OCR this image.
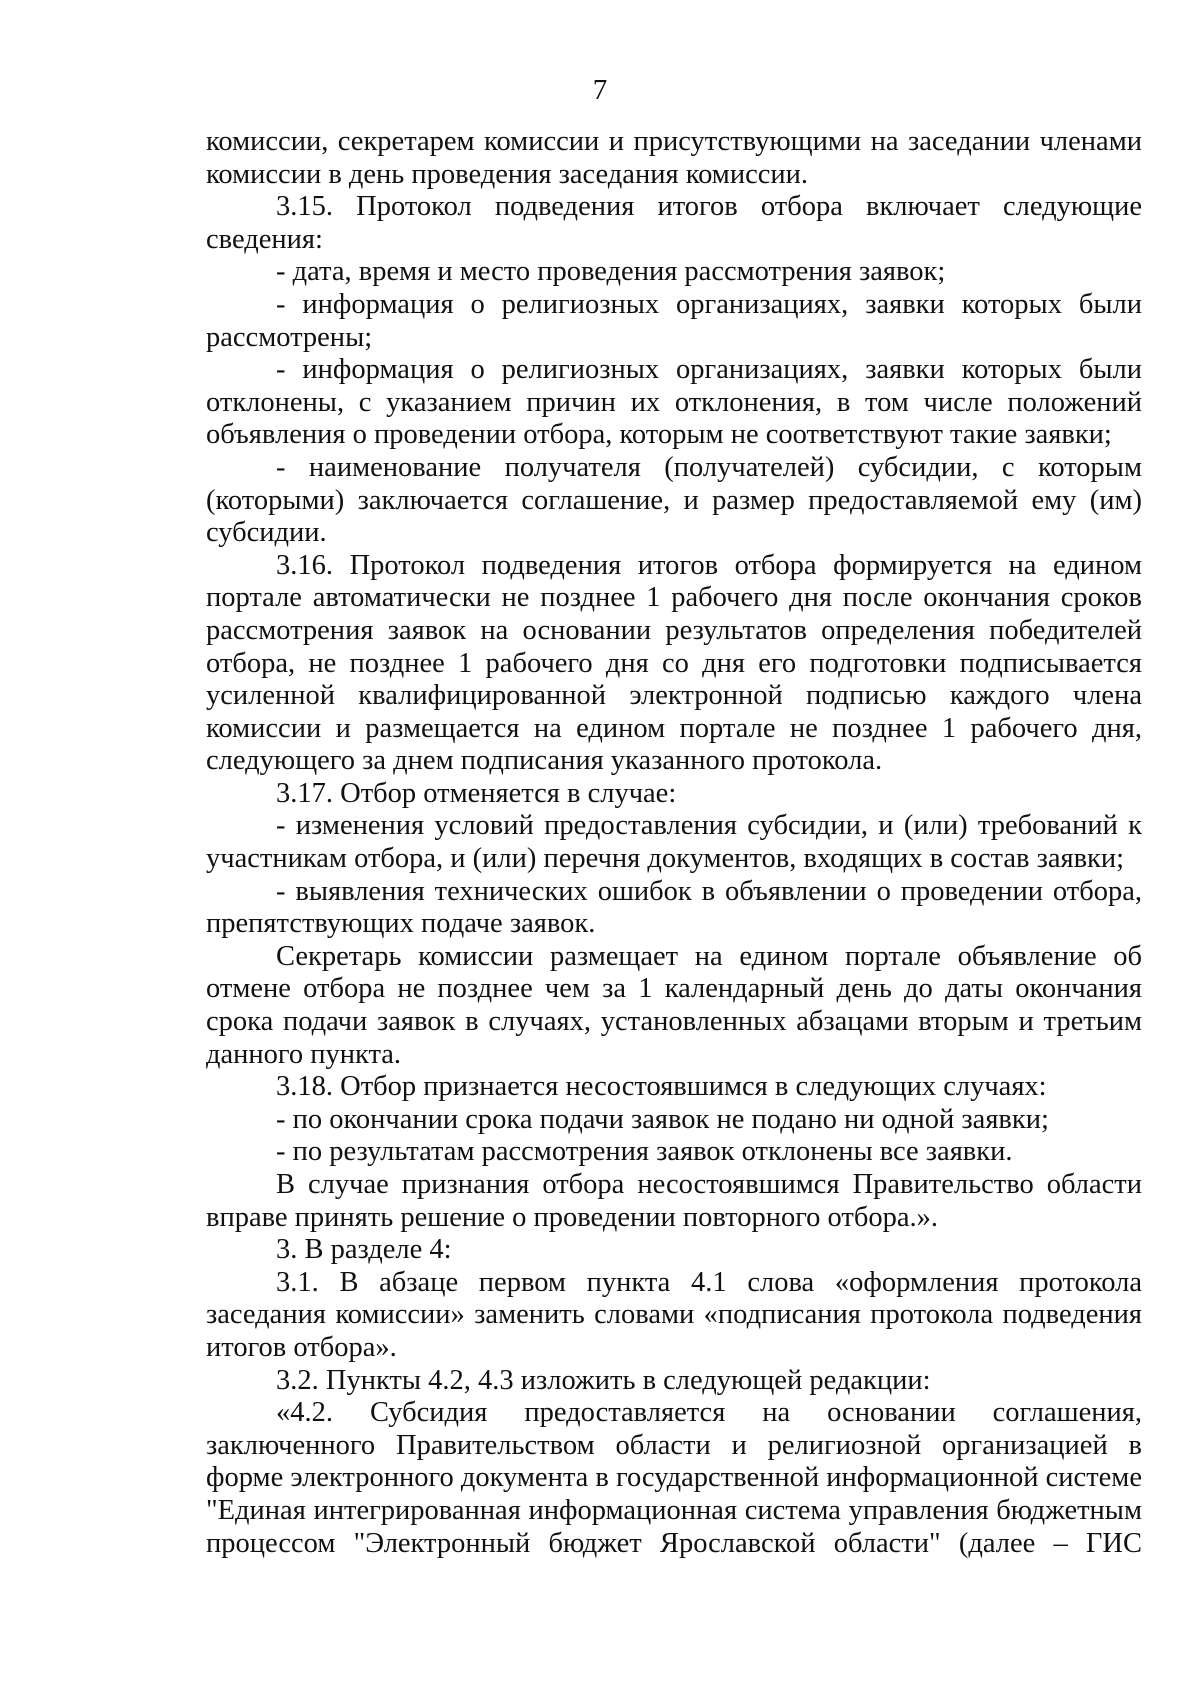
7

комиссии, секретарем комиссии и присутствующими на заседании членами комиссии в день проведения заседания комиссии.

3.15. Протокол подведения итогов отбора включает следующие сведения:

- дата, время и место проведения рассмотрения заявок;

- информация о религиозных организациях, заявки которых были рассмотрены;

- информация о религиозных организациях, заявки которых были отклонены, с указанием причин их отклонения, в том числе положений объявления о проведении отбора, которым не соответствуют такие заявки;

- наименование получателя (получателей) субсидии, с которым (которыми) заключается соглашение, и размер предоставляемой ему (им) субсидии.

3.16. Протокол подведения итогов отбора формируется на едином портале автоматически не позднее 1 рабочего дня после окончания сроков рассмотрения заявок на основании результатов определения победителей отбора, не позднее 1 рабочего дня со дня его подготовки подписывается усиленной квалифицированной электронной подписью каждого члена комиссии и размещается на едином портале не позднее 1 рабочего дня, следующего за днем подписания указанного протокола.

3.17. Отбор отменяется в случае:

- изменения условий предоставления субсидии, и (или) требований к участникам отбора, и (или) перечня документов, входящих в состав заявки;

- выявления технических ошибок в объявлении о проведении отбора, препятствующих подаче заявок.

Секретарь комиссии размещает на едином портале объявление об отмене отбора не позднее чем за 1 календарный день до даты окончания срока подачи заявок в случаях, установленных абзацами вторым и третьим данного пункта.

3.18. Отбор признается несостоявшимся в следующих случаях:

- по окончании срока подачи заявок не подано ни одной заявки;

- по результатам рассмотрения заявок отклонены все заявки.

В случае признания отбора несостоявшимся Правительство области вправе принять решение о проведении повторного отбора.».

3. В разделе 4:

3.1. В абзаце первом пункта 4.1 слова «оформления протокола заседания комиссии» заменить словами «подписания протокола подведения итогов отбора».

3.2. Пункты 4.2, 4.3 изложить в следующей редакции:

«4.2. Субсидия предоставляется на основании соглашения, заключенного Правительством области и религиозной организацией в форме электронного документа в государственной информационной системе "Единая интегрированная информационная система управления бюджетным процессом "Электронный бюджет Ярославской области" (далее – ГИС
